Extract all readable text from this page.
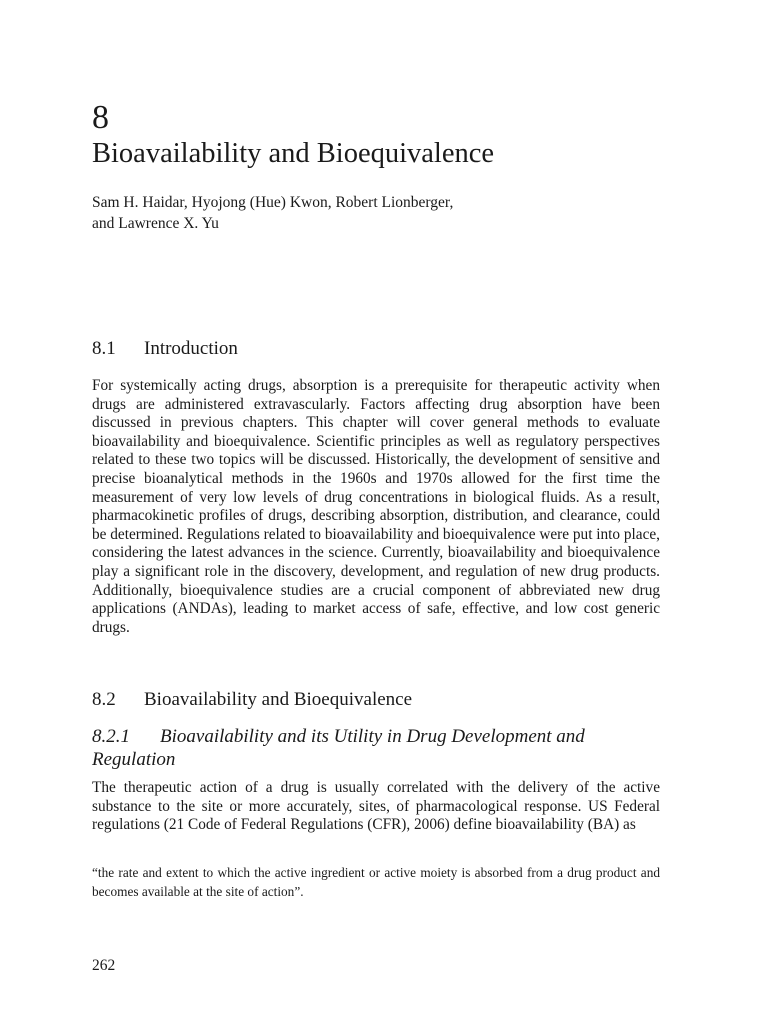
8
Bioavailability and Bioequivalence
Sam H. Haidar, Hyojong (Hue) Kwon, Robert Lionberger,
and Lawrence X. Yu
8.1 Introduction

For systemically acting drugs, absorption is a prerequisite for therapeutic activity when drugs are administered extravascularly. Factors affecting drug absorption have been discussed in previous chapters. This chapter will cover general methods to evaluate bioavailability and bioequivalence. Scientific principles as well as regulatory perspectives related to these two topics will be discussed. Historically, the development of sensitive and precise bioanalytical methods in the 1960s and 1970s allowed for the first time the measurement of very low levels of drug concentrations in biological fluids. As a result, pharmacokinetic profiles of drugs, describing absorption, distribution, and clearance, could be determined. Regulations related to bioavailability and bioequivalence were put into place, considering the latest advances in the science. Currently, bioavailability and bioequivalence play a significant role in the discovery, development, and regulation of new drug products. Additionally, bioequivalence studies are a crucial component of abbreviated new drug applications (ANDAs), leading to market access of safe, effective, and low cost generic drugs.

8.2 Bioavailability and Bioequivalence
8.2.1 Bioavailability and its Utility in Drug Development and Regulation

The therapeutic action of a drug is usually correlated with the delivery of the active substance to the site or more accurately, sites, of pharmacological response. US Federal regulations (21 Code of Federal Regulations (CFR), 2006) define bioavailability (BA) as

“the rate and extent to which the active ingredient or active moiety is absorbed from a drug product and becomes available at the site of action”.

262
